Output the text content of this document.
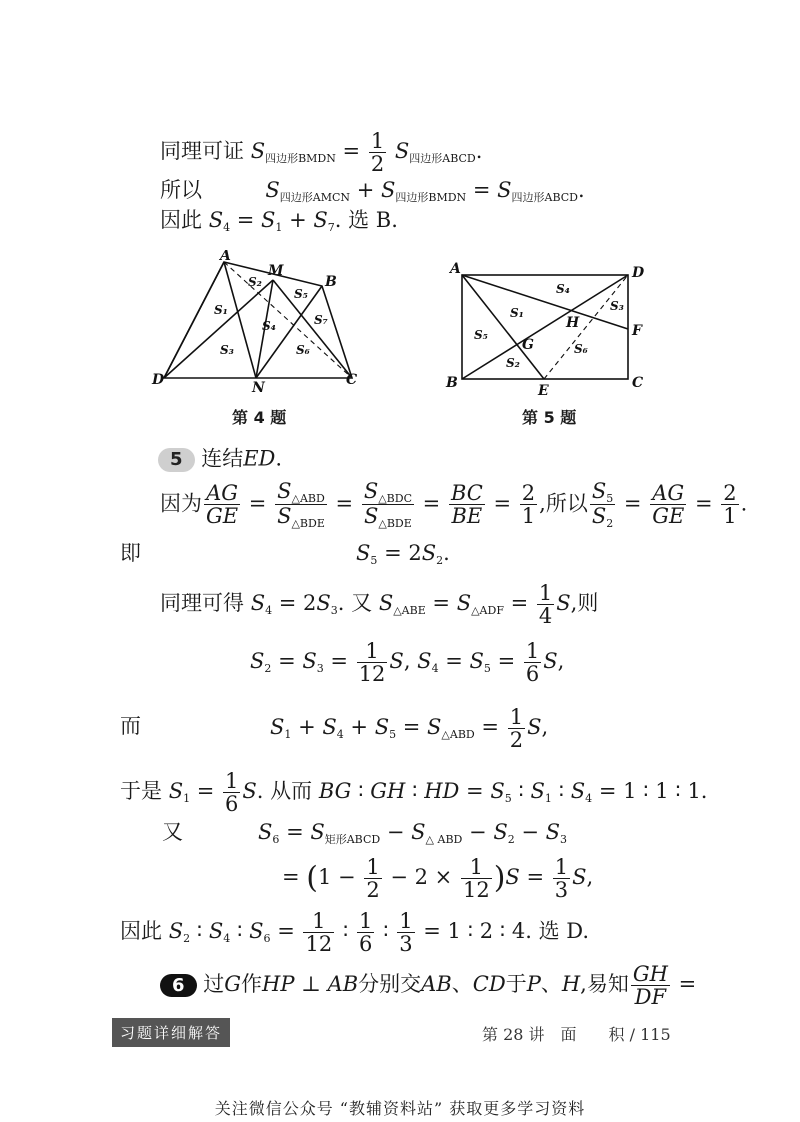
同理可证 $S_{四边形BMDN} = \frac{1}{2} S_{四边形ABCD}$.
所以	$S_{四边形AMCN} + S_{四边形BMDN} = S_{四边形ABCD}$.
因此 $S_4 = S_1 + S_7$. 选 B.
A
M
B
D	N	C
S₁
S₂
S₃
S₄
S₅
S₆
S₇
第 4 题
A	D
F
B	E	C
G
H
S₁
S₂
S₃
S₄
S₅
S₆
第 5 题
5 连结ED.
因为 $\frac{AG}{GE} = \frac{S_{\triangle ABD}}{S_{\triangle BDE}} = \frac{S_{\triangle BDC}}{S_{\triangle BDE}} = \frac{BC}{BE} = \frac{2}{1}$ ,所以 $\frac{S_5}{S_2} = \frac{AG}{GE} = \frac{2}{1}$ .
即	$S_5 = 2S_2$.
同理可得 $S_4 = 2S_3$. 又 $S_{\triangle ABE} = S_{\triangle ADF} = \frac{1}{4} S$,则
$S_2 = S_3 = \frac{1}{12} S$, $S_4 = S_5 = \frac{1}{6} S$,
而	$S_1 + S_4 + S_5 = S_{\triangle ABD} = \frac{1}{2} S$,
于是 $S_1 = \frac{1}{6} S$. 从而 BG ∶ GH ∶ HD = $S_5$ ∶ $S_1$ ∶ $S_4 = 1$ ∶ 1 ∶ 1.
又	$S_6 = S_{矩形ABCD} - S_{\triangle ABD} - S_2 - S_3$
= $(1 - \frac{1}{2} - 2 \times \frac{1}{12} )S = \frac{1}{3} S$,
因此 $S_2$ ∶ $S_4$ ∶ $S_6 = \frac{1}{12}$ ∶ $\frac{1}{6}$ ∶ $\frac{1}{3} = 1$ ∶ 2 ∶ 4. 选 D.
6 过G作HP ⊥ AB分别交AB、CD于P、H,易知 $\frac{GH}{DF}$ =
习题详细解答	第 28 讲　面　　积 / 115
关注微信公众号 “教辅资料站” 获取更多学习资料
